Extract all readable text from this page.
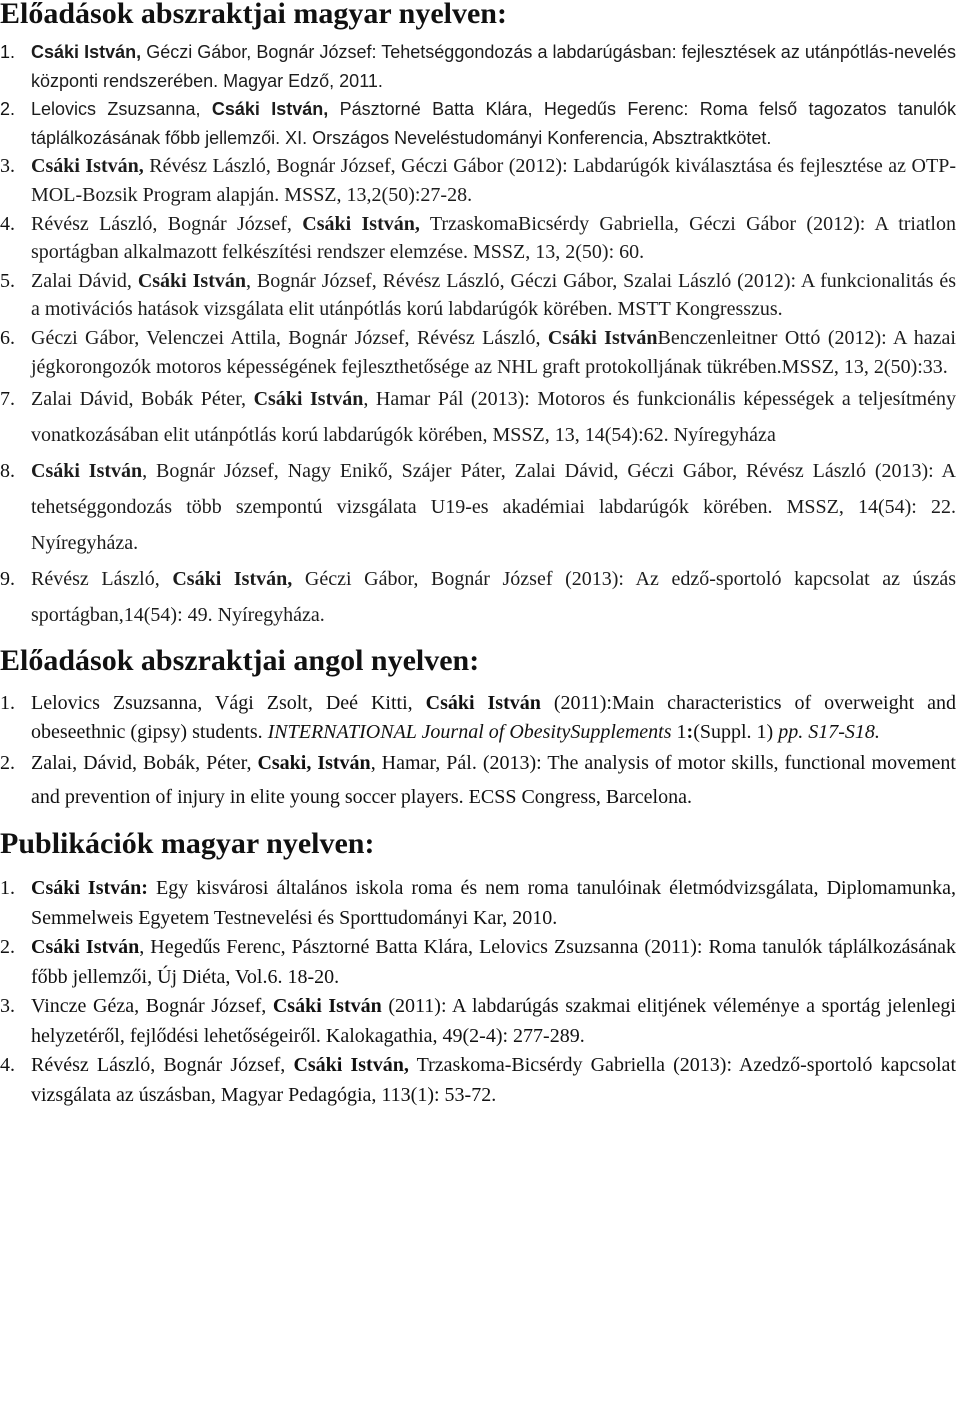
Előadások abszraktjai magyar nyelven:
1. Csáki István, Géczi Gábor, Bognár József: Tehetséggondozás a labdarúgásban: fejlesztések az utánpótlás-nevelés központi rendszerében. Magyar Edző, 2011.
2. Lelovics Zsuzsanna, Csáki István, Pásztorné Batta Klára, Hegedűs Ferenc: Roma felső tagozatos tanulók táplálkozásának főbb jellemzői. XI. Országos Neveléstudományi Konferencia, Absztraktkötet.
3. Csáki István, Révész László, Bognár József, Géczi Gábor (2012): Labdarúgók kiválasztása és fejlesztése az OTP-MOL-Bozsik Program alapján. MSSZ, 13,2(50):27-28.
4. Révész László, Bognár József, Csáki István, TrzaskomaBicsérdy Gabriella, Géczi Gábor (2012): A triatlon sportágban alkalmazott felkészítési rendszer elemzése. MSSZ, 13, 2(50): 60.
5. Zalai Dávid, Csáki István, Bognár József, Révész László, Géczi Gábor, Szalai László (2012): A funkcionalitás és a motivációs hatások vizsgálata elit utánpótlás korú labdarúgók körében. MSTT Kongresszus.
6. Géczi Gábor, Velenczei Attila, Bognár József, Révész László, Csáki IstvánBenczenleitner Ottó (2012): A hazai jégkorongozók motoros képességének fejleszthetősége az NHL graft protokolljának tükrében.MSSZ, 13, 2(50):33.
7. Zalai Dávid, Bobák Péter, Csáki István, Hamar Pál (2013): Motoros és funkcionális képességek a teljesítmény vonatkozásában elit utánpótlás korú labdarúgók körében, MSSZ, 13, 14(54):62. Nyíregyháza
8. Csáki István, Bognár József, Nagy Enikő, Szájer Páter, Zalai Dávid, Géczi Gábor, Révész László (2013): A tehetséggondozás több szempontú vizsgálata U19-es akadémiai labdarúgók körében. MSSZ, 14(54): 22. Nyíregyháza.
9. Révész László, Csáki István, Géczi Gábor, Bognár József (2013): Az edző-sportoló kapcsolat az úszás sportágban,14(54): 49. Nyíregyháza.
Előadások abszraktjai angol nyelven:
1. Lelovics Zsuzsanna, Vági Zsolt, Deé Kitti, Csáki István (2011):Main characteristics of overweight and obeseethnic (gipsy) students. INTERNATIONAL Journal of ObesitySupplements 1:(Suppl. 1) pp. S17-S18.
2. Zalai, Dávid, Bobák, Péter, Csaki, István, Hamar, Pál. (2013): The analysis of motor skills, functional movement and prevention of injury in elite young soccer players. ECSS Congress, Barcelona.
Publikációk magyar nyelven:
1. Csáki István: Egy kisvárosi általános iskola roma és nem roma tanulóinak életmódvizsgálata, Diplomamunka, Semmelweis Egyetem Testnevelési és Sporttudományi Kar, 2010.
2. Csáki István, Hegedűs Ferenc, Pásztorné Batta Klára, Lelovics Zsuzsanna (2011): Roma tanulók táplálkozásának főbb jellemzői, Új Diéta, Vol.6. 18-20.
3. Vincze Géza, Bognár József, Csáki István (2011): A labdarúgás szakmai elitjének véleménye a sportág jelenlegi helyzetéről, fejlődési lehetőségeiről. Kalokagathia, 49(2-4): 277-289.
4. Révész László, Bognár József, Csáki István, Trzaskoma-Bicsérdy Gabriella (2013): Azedző-sportoló kapcsolat vizsgálata az úszásban, Magyar Pedagógia, 113(1): 53-72.
